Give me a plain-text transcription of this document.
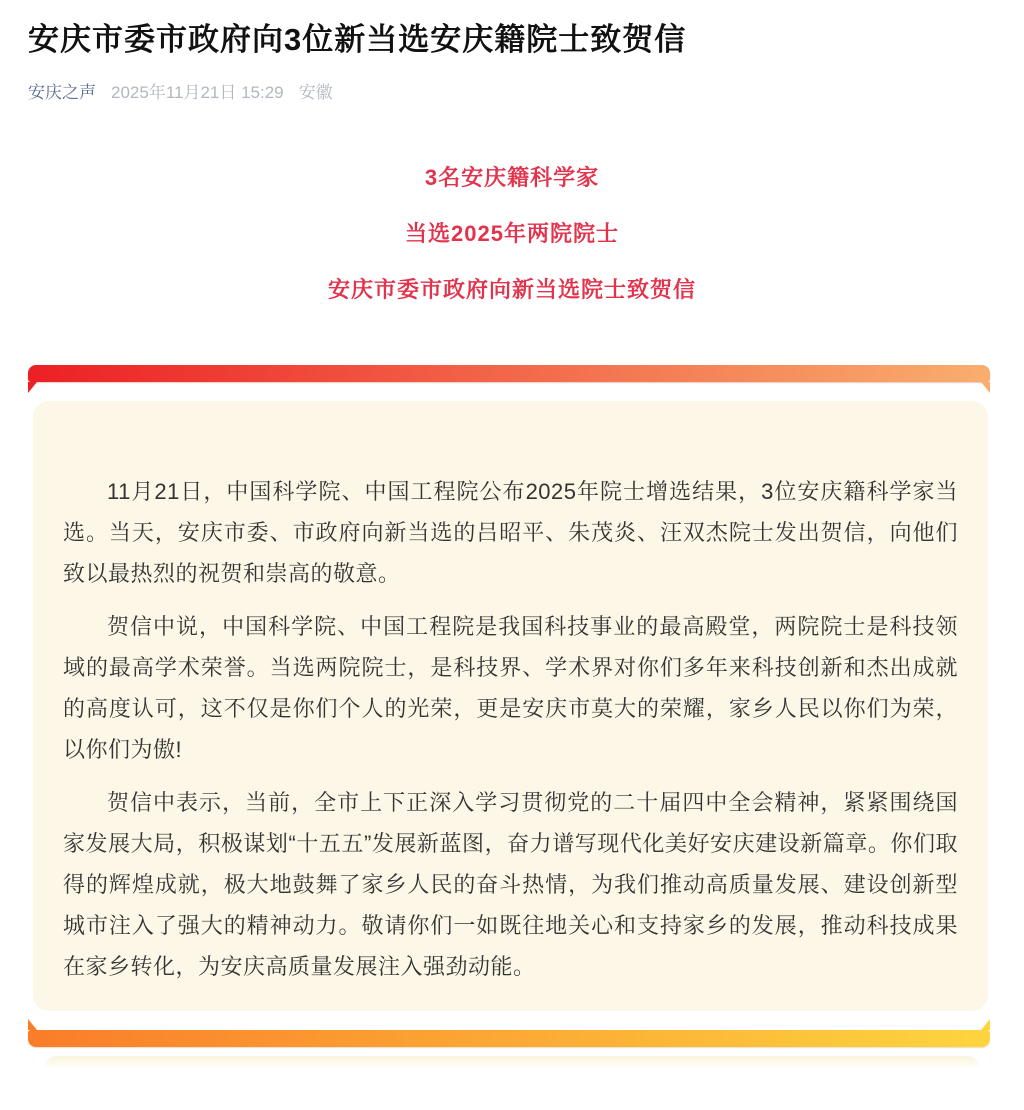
安庆市委市政府向3位新当选安庆籍院士致贺信
安庆之声 2025年11月21日 15:29 安徽
3名安庆籍科学家
当选2025年两院院士
安庆市委市政府向新当选院士致贺信

11月21日，中国科学院、中国工程院公布2025年院士增选结果，3位安庆籍科学家当选。当天，安庆市委、市政府向新当选的吕昭平、朱茂炎、汪双杰院士发出贺信，向他们致以最热烈的祝贺和崇高的敬意。

贺信中说，中国科学院、中国工程院是我国科技事业的最高殿堂，两院院士是科技领域的最高学术荣誉。当选两院院士，是科技界、学术界对你们多年来科技创新和杰出成就的高度认可，这不仅是你们个人的光荣，更是安庆市莫大的荣耀，家乡人民以你们为荣，以你们为傲!

贺信中表示，当前，全市上下正深入学习贯彻党的二十届四中全会精神，紧紧围绕国家发展大局，积极谋划“十五五”发展新蓝图，奋力谱写现代化美好安庆建设新篇章。你们取得的辉煌成就，极大地鼓舞了家乡人民的奋斗热情，为我们推动高质量发展、建设创新型城市注入了强大的精神动力。敬请你们一如既往地关心和支持家乡的发展，推动科技成果在家乡转化，为安庆高质量发展注入强劲动能。
